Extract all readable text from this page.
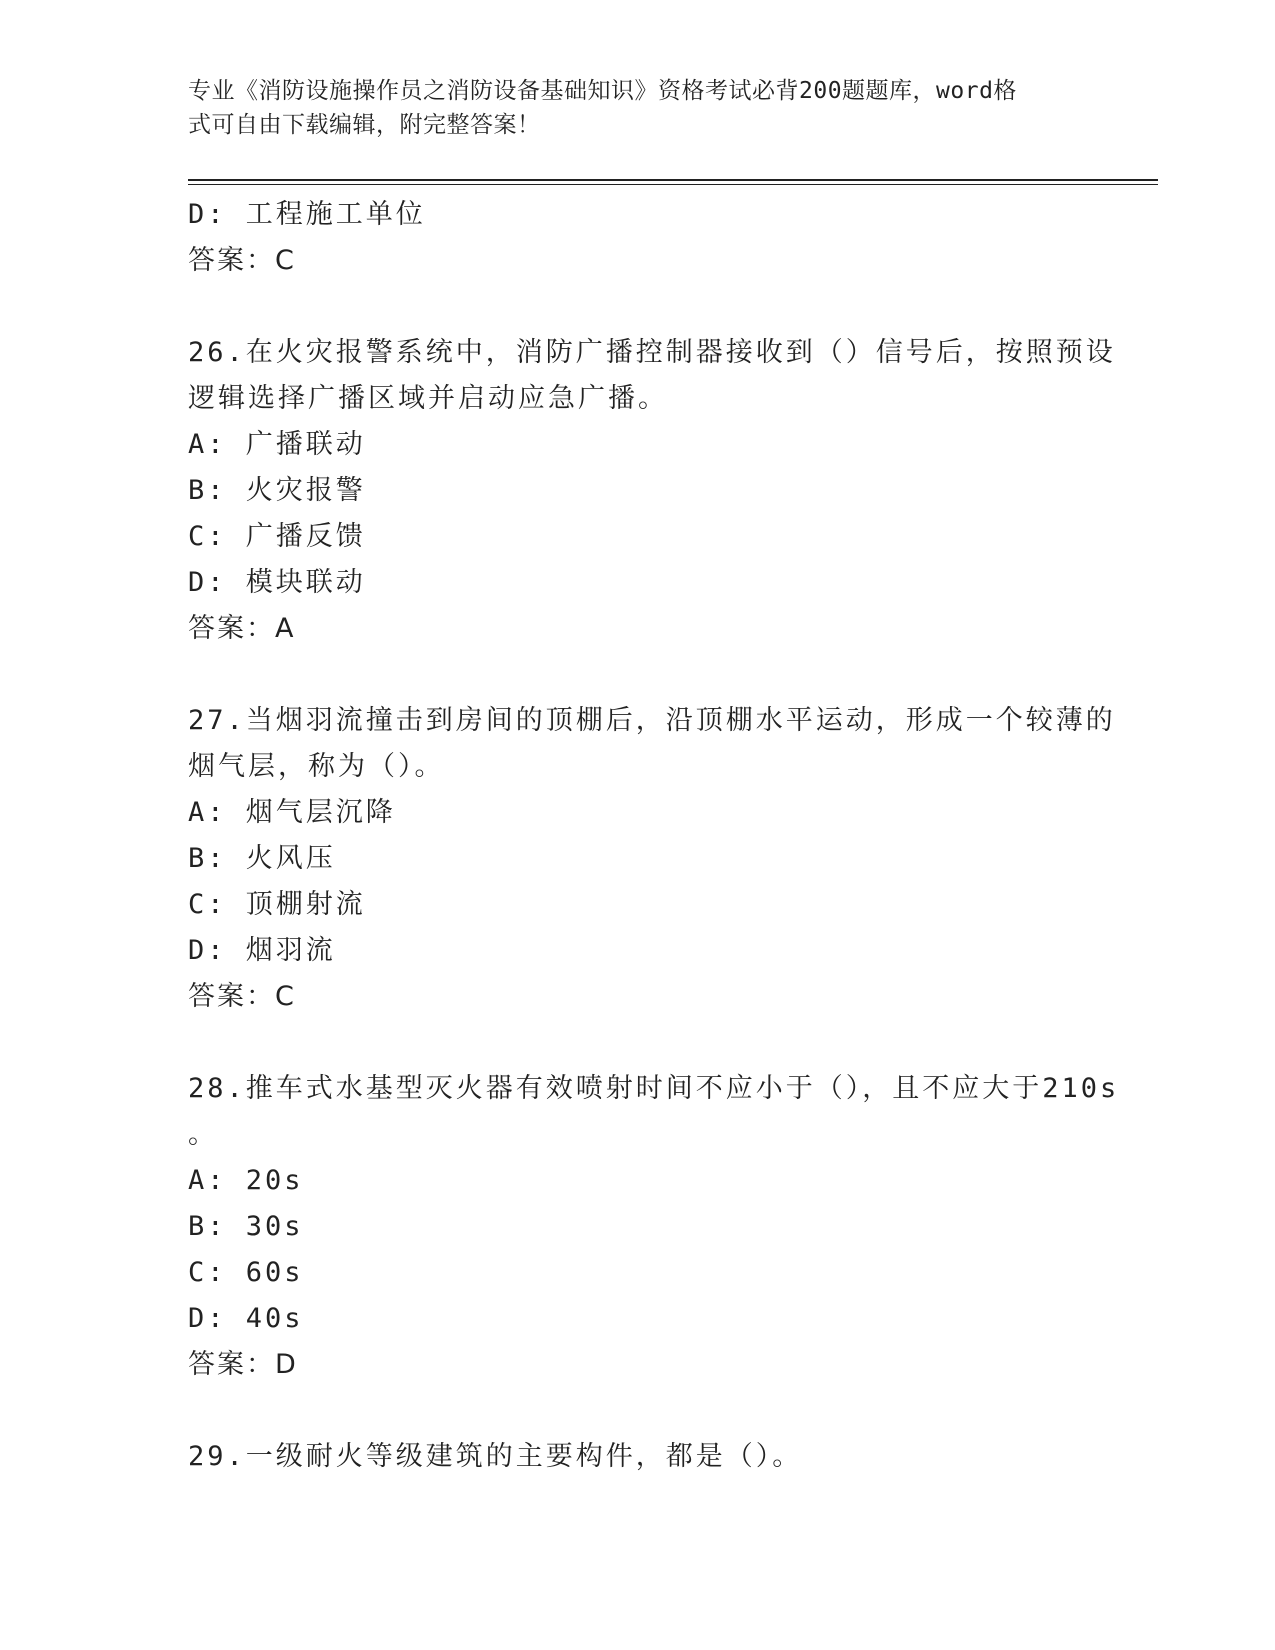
专业《消防设施操作员之消防设备基础知识》资格考试必背200题题库，word格
式可自由下载编辑，附完整答案！
D: 工程施工单位
答案：C
26.在火灾报警系统中，消防广播控制器接收到（）信号后，按照预设
逻辑选择广播区域并启动应急广播。
A: 广播联动
B: 火灾报警
C: 广播反馈
D: 模块联动
答案：A
27.当烟羽流撞击到房间的顶棚后，沿顶棚水平运动，形成一个较薄的
烟气层，称为（）。
A: 烟气层沉降
B: 火风压
C: 顶棚射流
D: 烟羽流
答案：C
28.推车式水基型灭火器有效喷射时间不应小于（），且不应大于210s
。
A: 20s
B: 30s
C: 60s
D: 40s
答案：D
29.一级耐火等级建筑的主要构件，都是（）。
